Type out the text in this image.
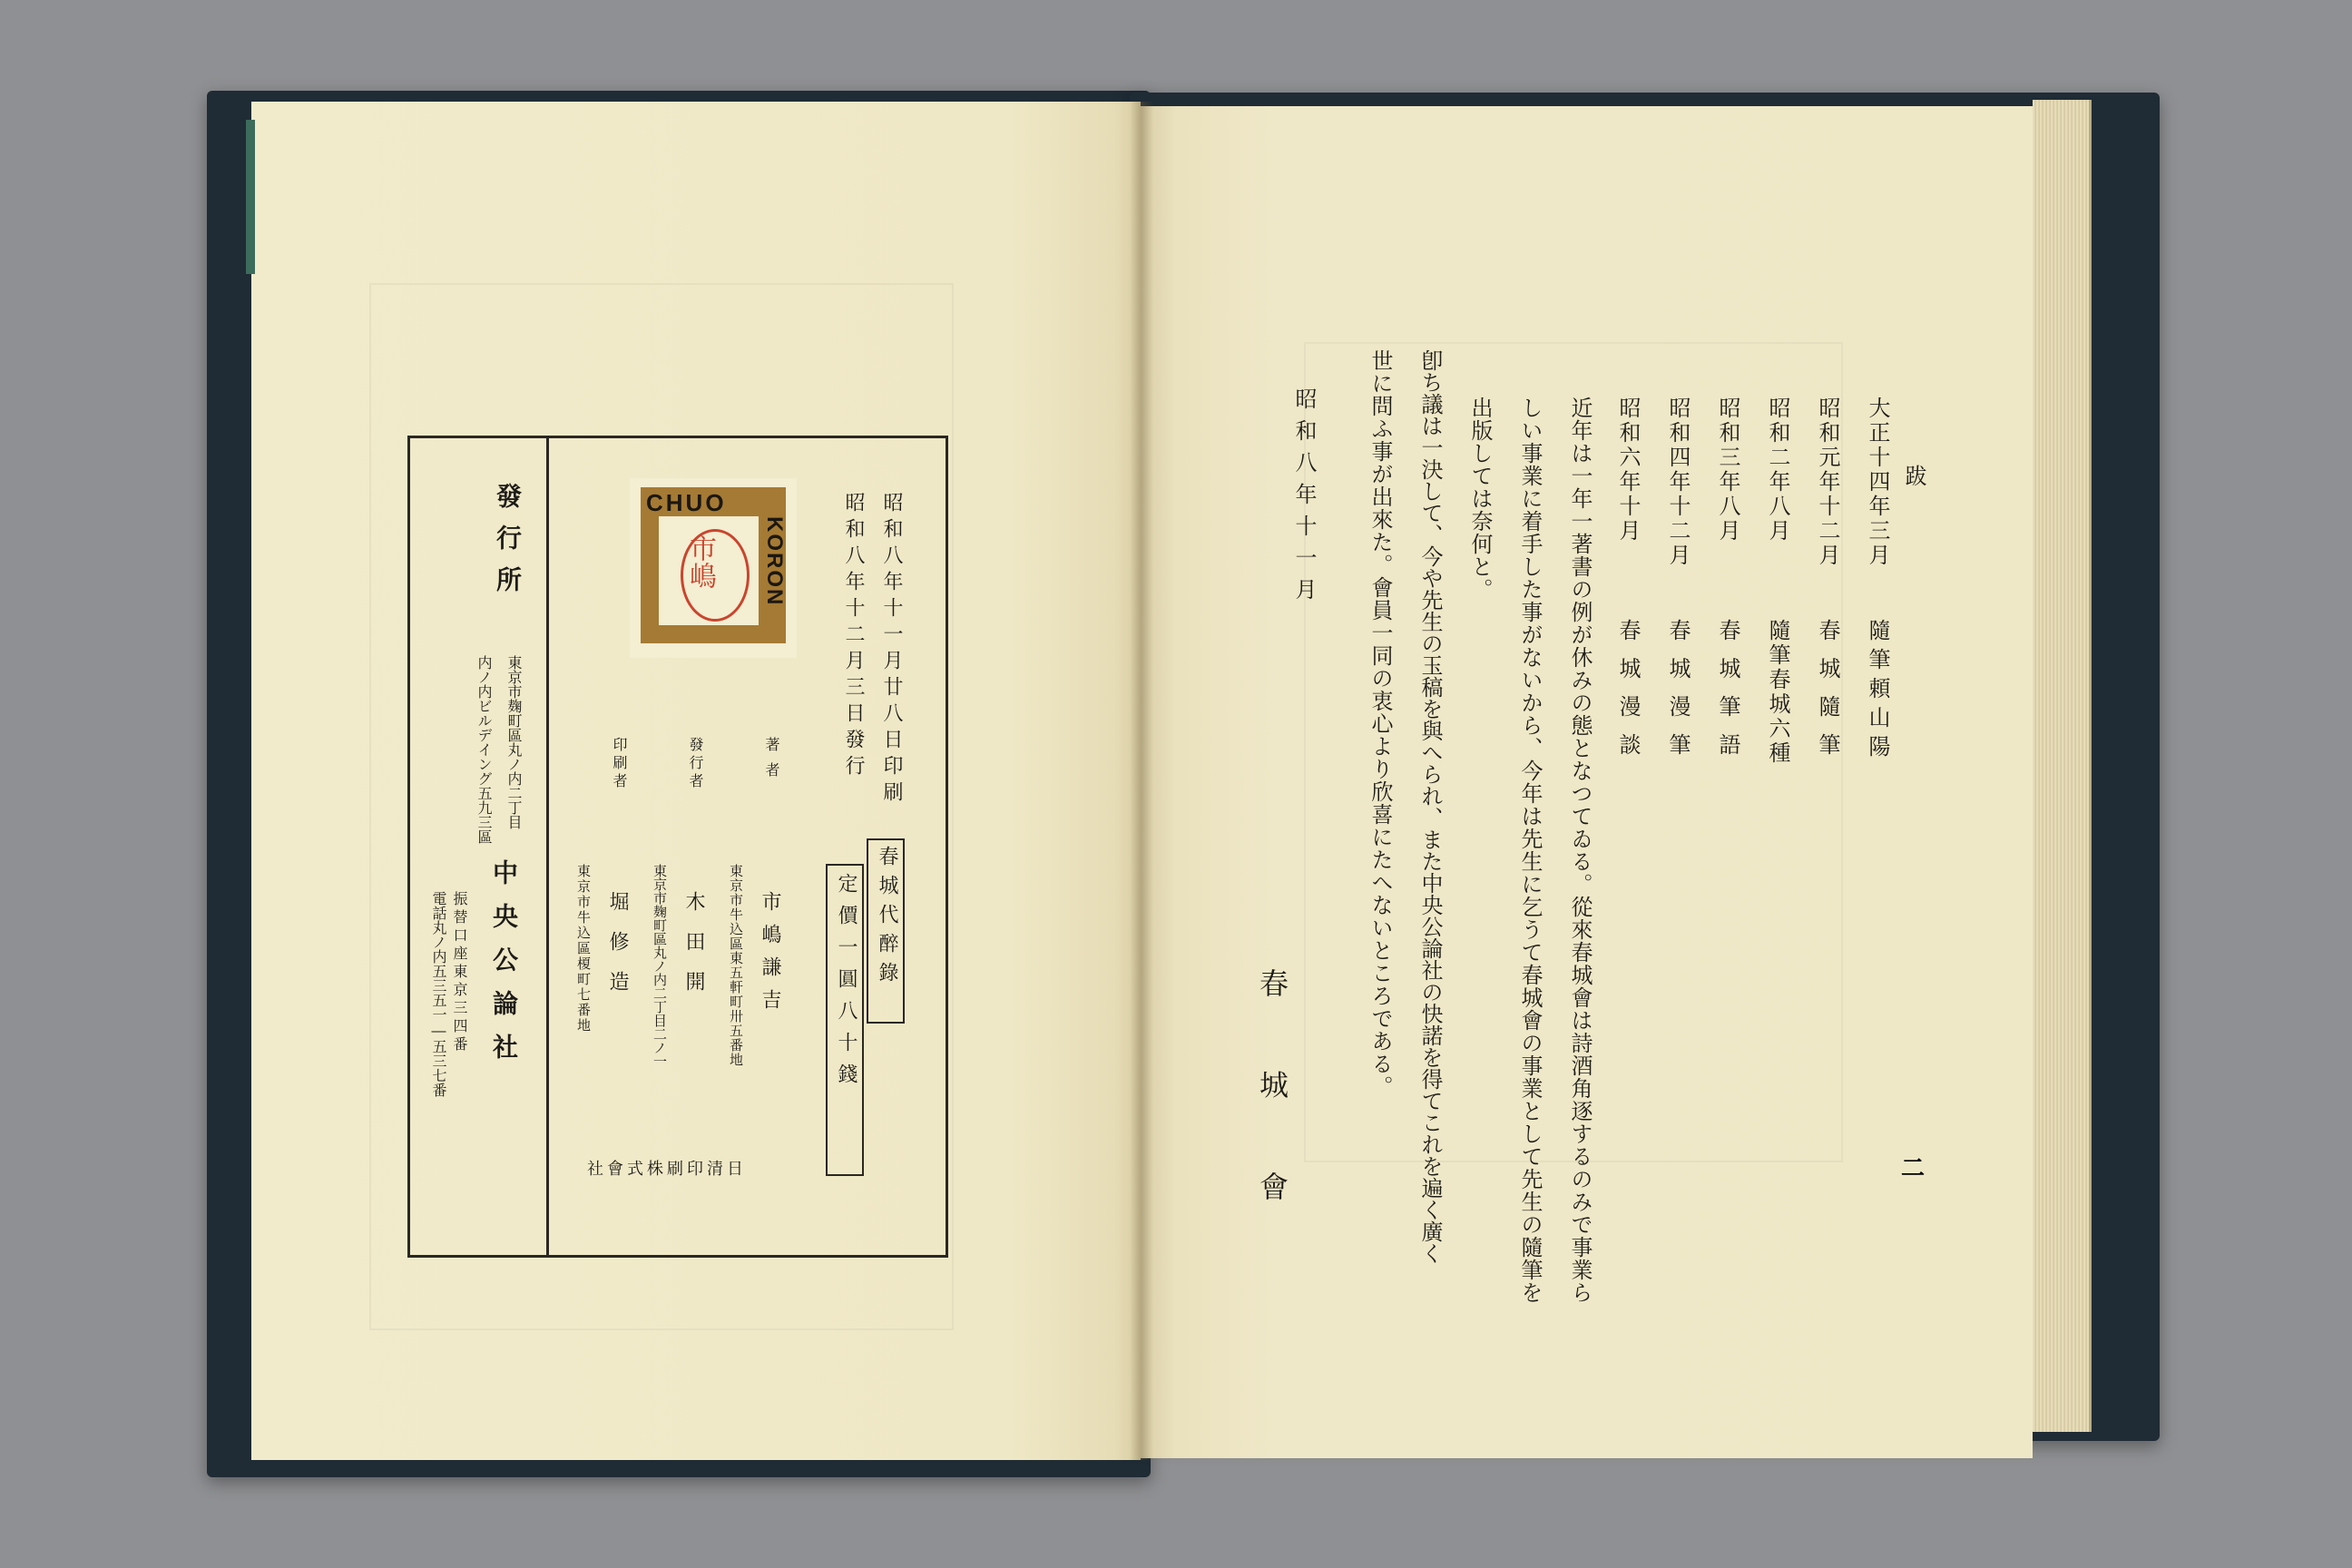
CHUO
KORON
市嶋	昭和八年十一月廿八日印刷
昭和八年十二月三日發行
春城代醉錄
定價一圓八十錢
著者
東京市牛込區東五軒町卅五番地 市嶋謙吉
發行者
東京市麹町區丸ノ内二丁目二ノ一 木田開
印刷者
東京市牛込區榎町七番地 堀修造
發行所
東京市麹町區丸ノ内二丁目
内ノ内ビルデイング五九三區
中央公論社
振替口座東京三四番
電話丸ノ内五三五一―五三七番
日清印刷株式會社
跋
大正十四年三月
隨筆頼山陽
昭和元年十二月
春城隨筆
昭和二年八月
隨筆春城六種
昭和三年八月
春城筆語
昭和四年十二月
春城漫筆
昭和六年十月
春城漫談
近年は一年一著書の例が休みの態となつてゐる。從來春城會は詩酒角逐するのみで事業ら
しい事業に着手した事がないから、今年は先生に乞うて春城會の事業として先生の隨筆を
出版しては奈何と。
卽ち議は一決して、今や先生の玉稿を與へられ、また中央公論社の快諾を得てこれを遍く廣く
世に問ふ事が出來た。會員一同の衷心より欣喜にたへないところである。
昭和八年十一月
春城會	二
